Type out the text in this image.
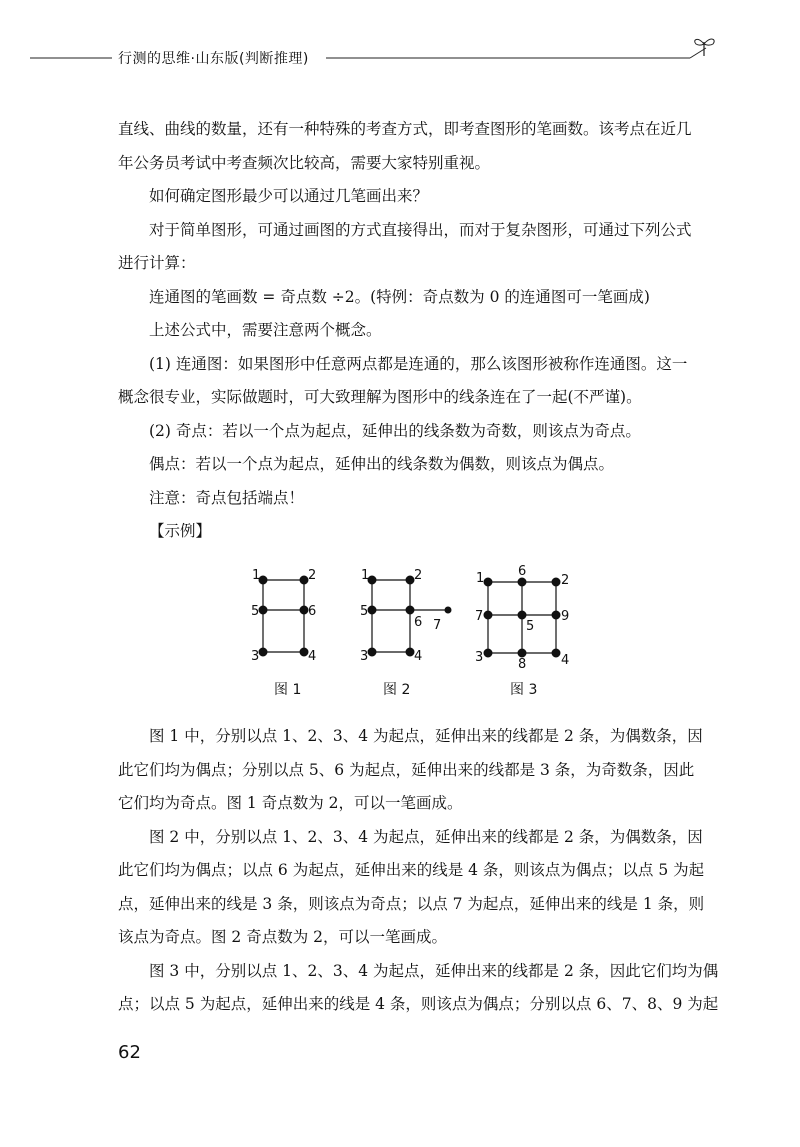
行测的思维·山东版(判断推理)

直线、曲线的数量，还有一种特殊的考查方式，即考查图形的笔画数。该考点在近几

年公务员考试中考查频次比较高，需要大家特别重视。

如何确定图形最少可以通过几笔画出来？

对于简单图形，可通过画图的方式直接得出，而对于复杂图形，可通过下列公式

进行计算：

连通图的笔画数 = 奇点数 ÷2。(特例：奇点数为 0 的连通图可一笔画成)

上述公式中，需要注意两个概念。

(1) 连通图：如果图形中任意两点都是连通的，那么该图形被称作连通图。这一

概念很专业，实际做题时，可大致理解为图形中的线条连在了一起(不严谨)。

(2) 奇点：若以一个点为起点，延伸出的线条数为奇数，则该点为奇点。

偶点：若以一个点为起点，延伸出的线条数为偶数，则该点为偶点。

注意：奇点包括端点！

【示例】

1	2
5	6
3	4
图 1
1	2
5
6 7
3	4
图 2
1	6
2
7
5
9
3	8	4
图 3

图 1 中，分别以点 1、2、3、4 为起点，延伸出来的线都是 2 条，为偶数条，因

此它们均为偶点；分别以点 5、6 为起点，延伸出来的线都是 3 条，为奇数条，因此

它们均为奇点。图 1 奇点数为 2，可以一笔画成。

图 2 中，分别以点 1、2、3、4 为起点，延伸出来的线都是 2 条，为偶数条，因

此它们均为偶点；以点 6 为起点，延伸出来的线是 4 条，则该点为偶点；以点 5 为起

点，延伸出来的线是 3 条，则该点为奇点；以点 7 为起点，延伸出来的线是 1 条，则

该点为奇点。图 2 奇点数为 2，可以一笔画成。

图 3 中，分别以点 1、2、3、4 为起点，延伸出来的线都是 2 条，因此它们均为偶

点；以点 5 为起点，延伸出来的线是 4 条，则该点为偶点；分别以点 6、7、8、9 为起

62
